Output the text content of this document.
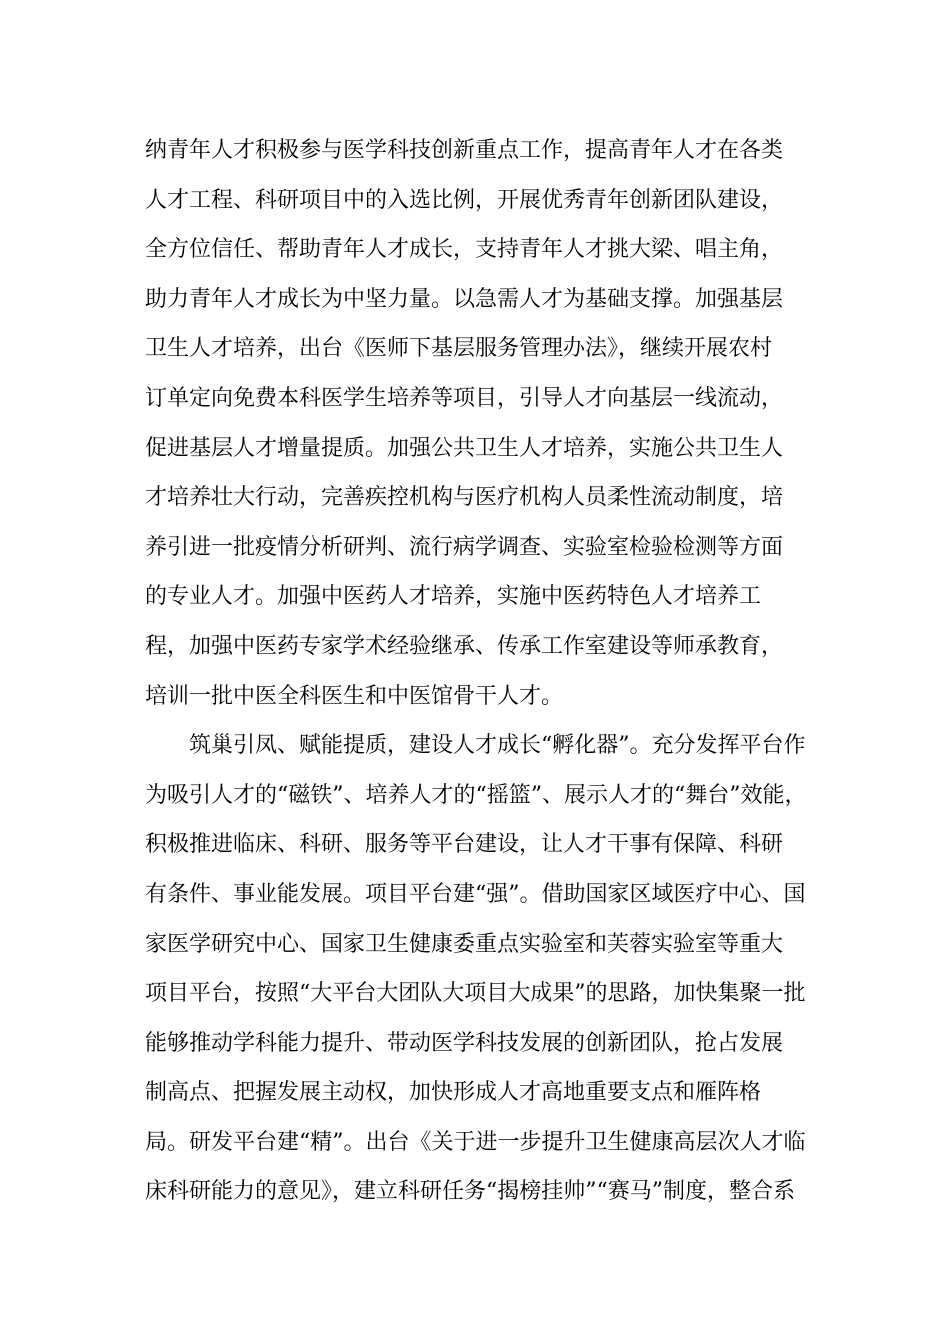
纳青年人才积极参与医学科技创新重点工作，提高青年人才在各类
人才工程、科研项目中的入选比例，开展优秀青年创新团队建设，
全方位信任、帮助青年人才成长，支持青年人才挑大梁、唱主角，
助力青年人才成长为中坚力量。以急需人才为基础支撑。加强基层
卫生人才培养，出台《医师下基层服务管理办法》，继续开展农村
订单定向免费本科医学生培养等项目，引导人才向基层一线流动，
促进基层人才增量提质。加强公共卫生人才培养，实施公共卫生人
才培养壮大行动，完善疾控机构与医疗机构人员柔性流动制度，培
养引进一批疫情分析研判、流行病学调查、实验室检验检测等方面
的专业人才。加强中医药人才培养，实施中医药特色人才培养工
程，加强中医药专家学术经验继承、传承工作室建设等师承教育，
培训一批中医全科医生和中医馆骨干人才。
筑巢引凤、赋能提质，建设人才成长“孵化器”。充分发挥平台作
为吸引人才的“磁铁”、培养人才的“摇篮”、展示人才的“舞台”效能，
积极推进临床、科研、服务等平台建设，让人才干事有保障、科研
有条件、事业能发展。项目平台建“强”。借助国家区域医疗中心、国
家医学研究中心、国家卫生健康委重点实验室和芙蓉实验室等重大
项目平台，按照“大平台大团队大项目大成果”的思路，加快集聚一批
能够推动学科能力提升、带动医学科技发展的创新团队，抢占发展
制高点、把握发展主动权，加快形成人才高地重要支点和雁阵格
局。研发平台建“精”。出台《关于进一步提升卫生健康高层次人才临
床科研能力的意见》，建立科研任务“揭榜挂帅”“赛马”制度，整合系
